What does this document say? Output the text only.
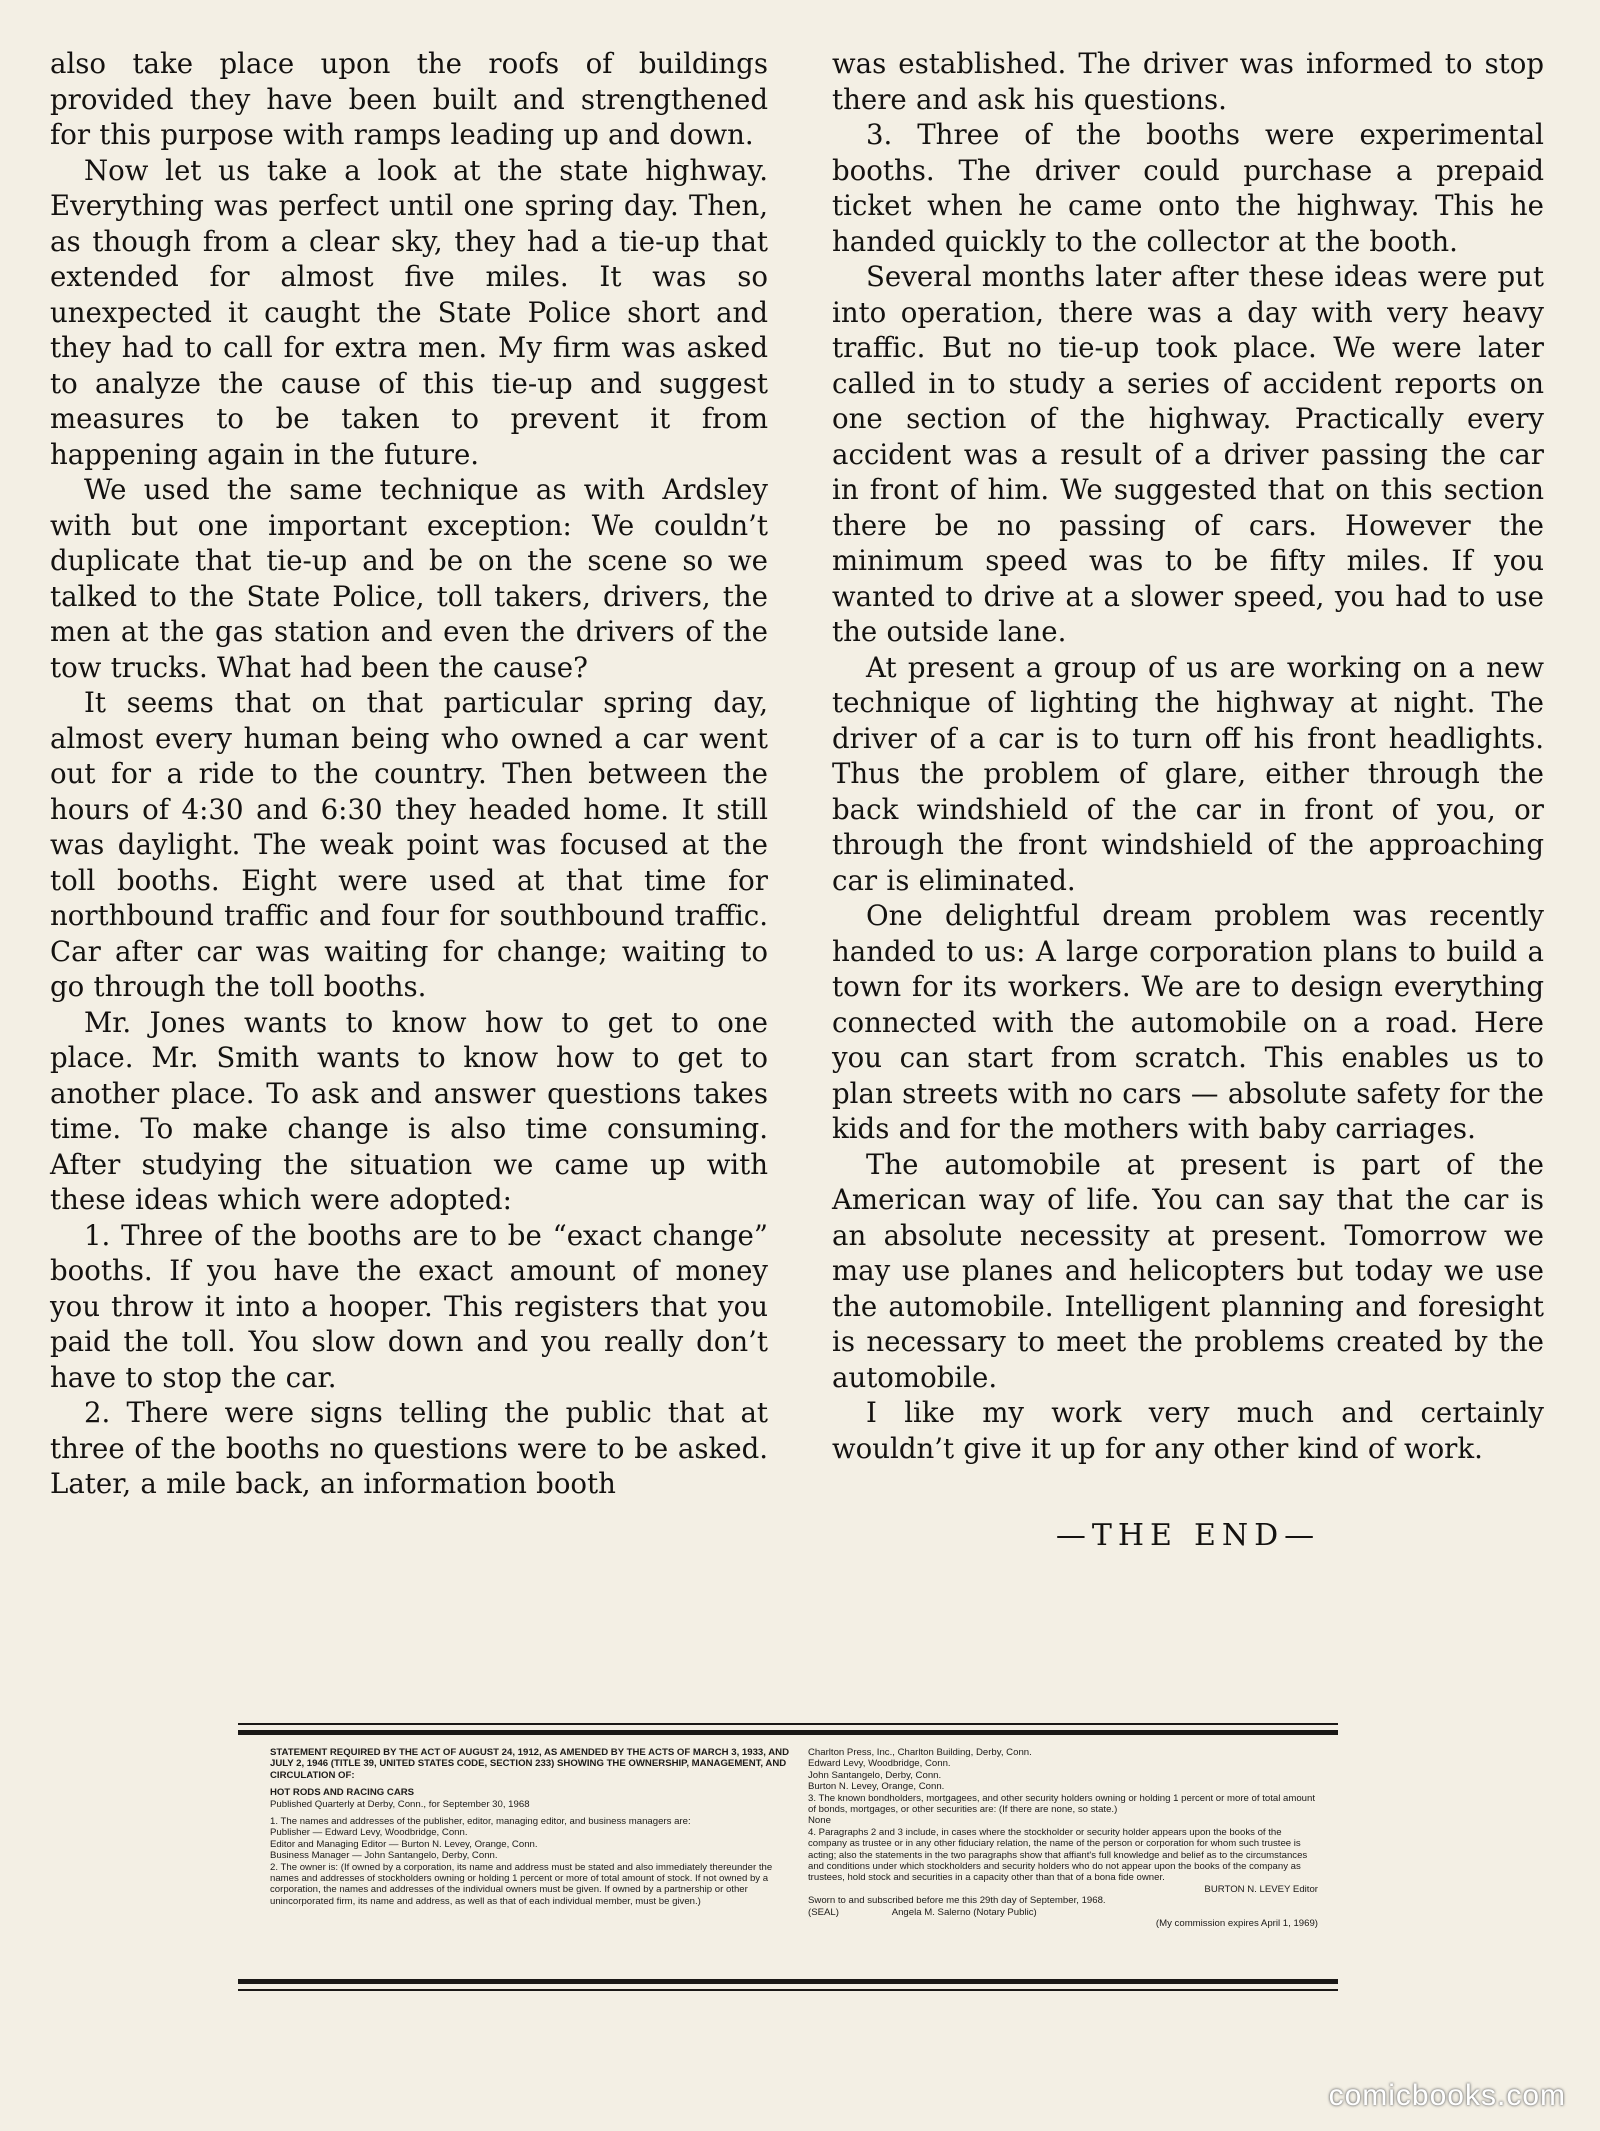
also take place upon the roofs of buildings provided they have been built and strengthened for this purpose with ramps leading up and down.

Now let us take a look at the state highway. Everything was perfect until one spring day. Then, as though from a clear sky, they had a tie-up that extended for almost five miles. It was so unexpected it caught the State Police short and they had to call for extra men. My firm was asked to analyze the cause of this tie-up and suggest measures to be taken to prevent it from happening again in the future.

We used the same technique as with Ardsley with but one important exception: We couldn’t duplicate that tie-up and be on the scene so we talked to the State Police, toll takers, drivers, the men at the gas station and even the drivers of the tow trucks. What had been the cause?

It seems that on that particular spring day, almost every human being who owned a car went out for a ride to the country. Then between the hours of 4:30 and 6:30 they headed home. It still was daylight. The weak point was focused at the toll booths. Eight were used at that time for northbound traffic and four for southbound traffic. Car after car was waiting for change; waiting to go through the toll booths.

Mr. Jones wants to know how to get to one place. Mr. Smith wants to know how to get to another place. To ask and answer questions takes time. To make change is also time consuming. After studying the situation we came up with these ideas which were adopted:

1. Three of the booths are to be “exact change” booths. If you have the exact amount of money you throw it into a hooper. This registers that you paid the toll. You slow down and you really don’t have to stop the car.

2. There were signs telling the public that at three of the booths no questions were to be asked. Later, a mile back, an information booth

was established. The driver was informed to stop there and ask his questions.

3. Three of the booths were experimental booths. The driver could purchase a prepaid ticket when he came onto the highway. This he handed quickly to the collector at the booth.

Several months later after these ideas were put into operation, there was a day with very heavy traffic. But no tie-up took place. We were later called in to study a series of accident reports on one section of the highway. Practically every accident was a result of a driver passing the car in front of him. We suggested that on this section there be no passing of cars. However the minimum speed was to be fifty miles. If you wanted to drive at a slower speed, you had to use the outside lane.

At present a group of us are working on a new technique of lighting the highway at night. The driver of a car is to turn off his front headlights. Thus the problem of glare, either through the back windshield of the car in front of you, or through the front windshield of the approaching car is eliminated.

One delightful dream problem was recently handed to us: A large corporation plans to build a town for its workers. We are to design everything connected with the automobile on a road. Here you can start from scratch. This enables us to plan streets with no cars — absolute safety for the kids and for the mothers with baby carriages.

The automobile at present is part of the American way of life. You can say that the car is an absolute necessity at present. Tomorrow we may use planes and helicopters but today we use the automobile. Intelligent planning and foresight is necessary to meet the problems created by the automobile.

I like my work very much and certainly wouldn’t give it up for any other kind of work.

—THE END—
STATEMENT REQUIRED BY THE ACT OF AUGUST 24, 1912, AS AMENDED BY THE ACTS OF MARCH 3, 1933, AND JULY 2, 1946 (TITLE 39, UNITED STATES CODE, SECTION 233) SHOWING THE OWNERSHIP, MANAGEMENT, AND CIRCULATION OF:
HOT RODS AND RACING CARS
Published Quarterly at Derby, Conn., for September 30, 1968
1. The names and addresses of the publisher, editor, managing editor, and business managers are:
Publisher — Edward Levy, Woodbridge, Conn.
Editor and Managing Editor — Burton N. Levey, Orange, Conn.
Business Manager — John Santangelo, Derby, Conn.
2. The owner is: (If owned by a corporation, its name and address must be stated and also immediately thereunder the names and addresses of stockholders owning or holding 1 percent or more of total amount of stock. If not owned by a corporation, the names and addresses of the individual owners must be given. If owned by a partnership or other unincorporated firm, its name and address, as well as that of each individual member, must be given.)
Charlton Press, Inc., Charlton Building, Derby, Conn.
Edward Levy, Woodbridge, Conn.
John Santangelo, Derby, Conn.
Burton N. Levey, Orange, Conn.
3. The known bondholders, mortgagees, and other security holders owning or holding 1 percent or more of total amount of bonds, mortgages, or other securities are: (If there are none, so state.)
None
4. Paragraphs 2 and 3 include, in cases where the stockholder or security holder appears upon the books of the company as trustee or in any other fiduciary relation, the name of the person or corporation for whom such trustee is acting; also the statements in the two paragraphs show that affiant's full knowledge and belief as to the circumstances and conditions under which stockholders and security holders who do not appear upon the books of the company as trustees, hold stock and securities in a capacity other than that of a bona fide owner.
BURTON N. LEVEY Editor
Sworn to and subscribed before me this 29th day of September, 1968.
(SEAL)                    Angela M. Salerno (Notary Public)
(My commission expires April 1, 1969)
comicbooks.com
